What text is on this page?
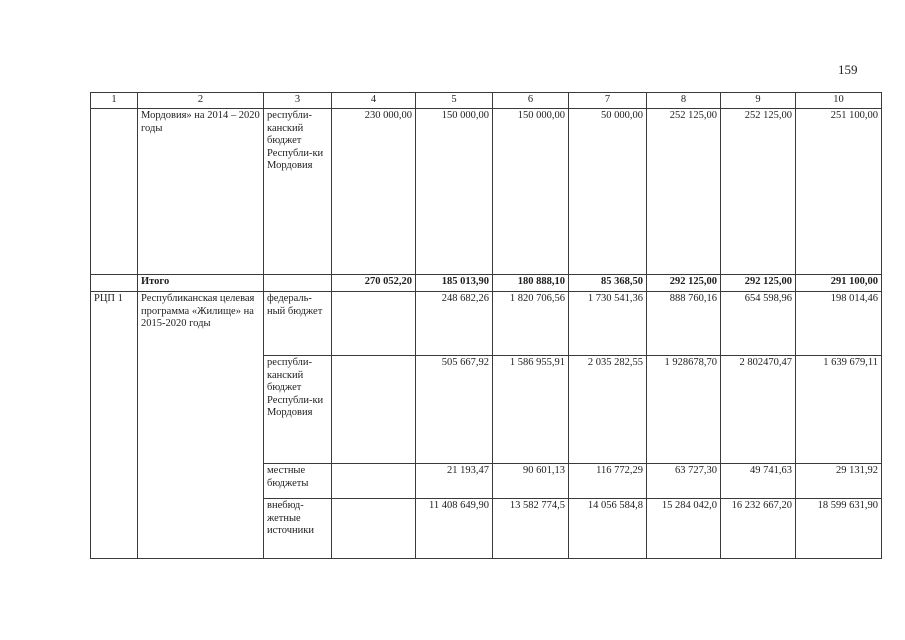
159
1	2	3	4	5	6	7	8	9	10
	Мордовия» на 2014 – 2020 годы	республи-канский бюджет Республи-ки Мордовия	230 000,00	150 000,00	150 000,00	50 000,00	252 125,00	252 125,00	251 100,00
	Итого		270 052,20	185 013,90	180 888,10	85 368,50	292 125,00	292 125,00	291 100,00
РЦП 1	Республиканская целевая программа «Жилище» на 2015-2020 годы	федераль-ный бюджет		248 682,26	1 820 706,56	1 730 541,36	888 760,16	654 598,96	198 014,46
		республи-канский бюджет Республи-ки Мордовия		505 667,92	1 586 955,91	2 035 282,55	1 928678,70	2 802470,47	1 639 679,11
		местные бюджеты		21 193,47	90 601,13	116 772,29	63 727,30	49 741,63	29 131,92
		внебюд-жетные источники		11 408 649,90	13 582 774,5	14 056 584,8	15 284 042,0	16 232 667,20	18 599 631,90
